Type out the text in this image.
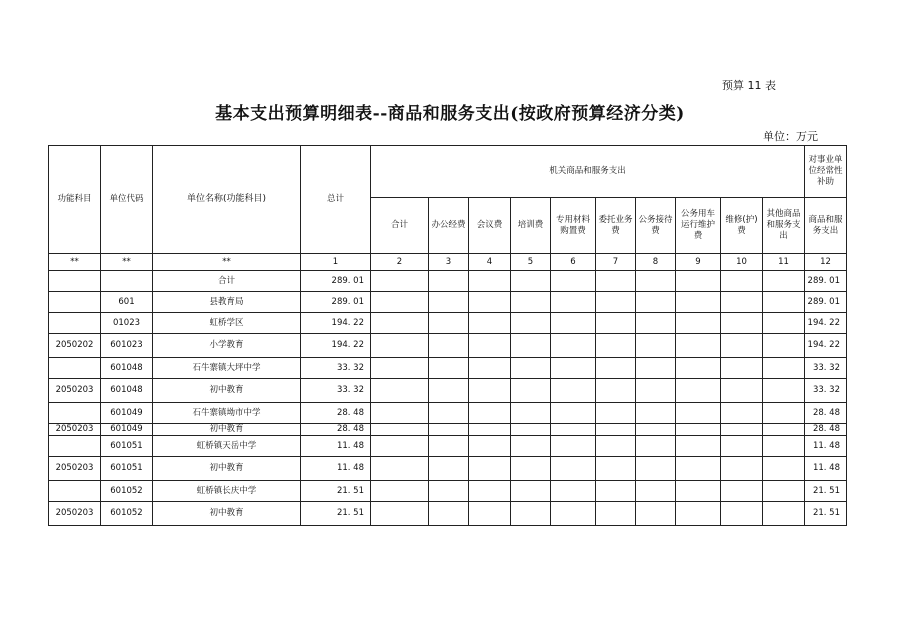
预算 11 表
基本支出预算明细表--商品和服务支出(按政府预算经济分类)
单位：万元
功能科目	单位代码	单位名称(功能科目)	总计	机关商品和服务支出										对事业单位经常性补助
				合计	办公经费	会议费	培训费	专用材料购置费	委托业务费	公务接待费	公务用车运行维护费	维修(护)费	其他商品和服务支出	商品和服务支出
**	**	**	1	2	3	4	5	6	7	8	9	10	11	12
		合计	289. 01											289. 01
	601	县教育局	289. 01											289. 01
	01023	虹桥学区	194. 22											194. 22
2050202	601023	小学教育	194. 22											194. 22
	601048	石牛寨镇大坪中学	33. 32											33. 32
2050203	601048	初中教育	33. 32											33. 32
	601049	石牛寨镇坳市中学	28. 48											28. 48
2050203	601049	初中教育	28. 48											28. 48
	601051	虹桥镇天岳中学	11. 48											11. 48
2050203	601051	初中教育	11. 48											11. 48
	601052	虹桥镇长庆中学	21. 51											21. 51
2050203	601052	初中教育	21. 51											21. 51
